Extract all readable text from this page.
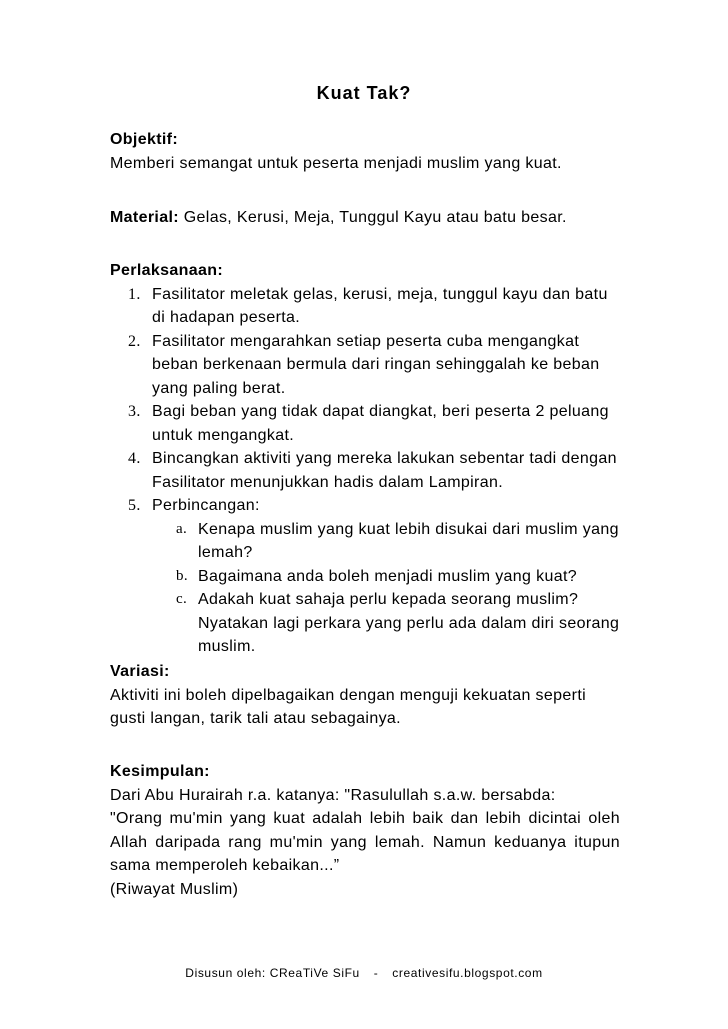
Kuat Tak?
Objektif:
Memberi semangat untuk peserta menjadi muslim yang kuat.
Material: Gelas, Kerusi, Meja, Tunggul Kayu atau batu besar.
Perlaksanaan:
1. Fasilitator meletak gelas, kerusi, meja, tunggul kayu dan batu di hadapan peserta.
2. Fasilitator mengarahkan setiap peserta cuba mengangkat beban berkenaan bermula dari ringan sehinggalah ke beban yang paling berat.
3. Bagi beban yang tidak dapat diangkat, beri peserta 2 peluang untuk mengangkat.
4. Bincangkan aktiviti yang mereka lakukan sebentar tadi dengan Fasilitator menunjukkan hadis dalam Lampiran.
5. Perbincangan:
a. Kenapa muslim yang kuat lebih disukai dari muslim yang lemah?
b. Bagaimana anda boleh menjadi muslim yang kuat?
c. Adakah kuat sahaja perlu kepada seorang muslim? Nyatakan lagi perkara yang perlu ada dalam diri seorang muslim.
Variasi:
Aktiviti ini boleh dipelbagaikan dengan menguji kekuatan seperti gusti langan, tarik tali atau sebagainya.
Kesimpulan:
Dari Abu Hurairah r.a. katanya: "Rasulullah s.a.w. bersabda:
"Orang mu'min yang kuat adalah lebih baik dan lebih dicintai oleh Allah daripada rang mu'min yang lemah. Namun keduanya itupun sama memperoleh kebaikan...”
(Riwayat Muslim)
Disusun oleh: CReaTiVe SiFu - creativesifu.blogspot.com
